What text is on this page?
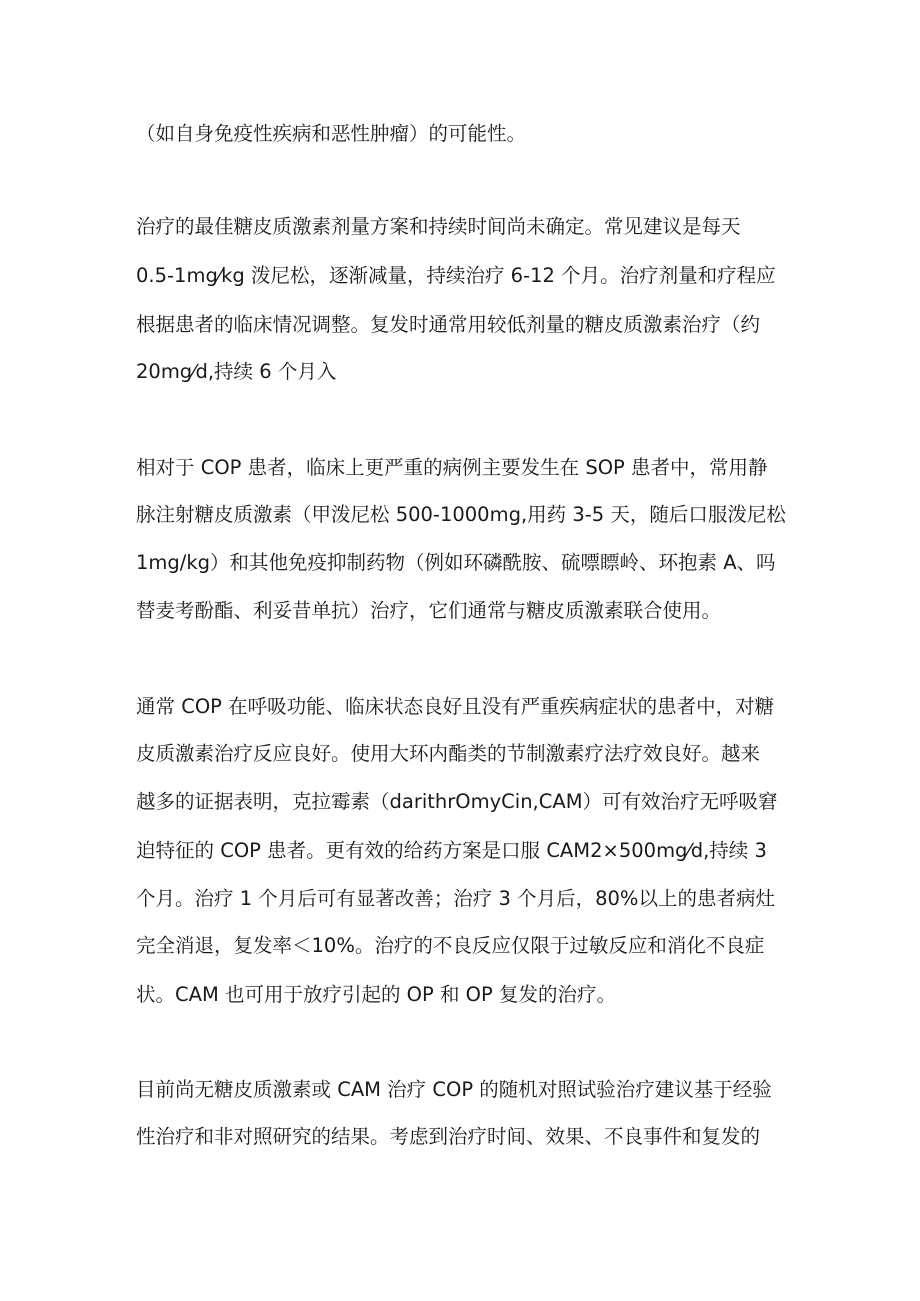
（如自身免疫性疾病和恶性肿瘤）的可能性。
治疗的最佳糖皮质激素剂量方案和持续时间尚未确定。常见建议是每天
0.5-1mg⁄kg 泼尼松，逐渐减量，持续治疗 6-12 个月。治疗剂量和疗程应
根据患者的临床情况调整。复发时通常用较低剂量的糖皮质激素治疗（约
20mg⁄d,持续 6 个月入
相对于 COP 患者，临床上更严重的病例主要发生在 SOP 患者中，常用静
脉注射糖皮质激素（甲泼尼松 500-1000mg,用药 3-5 天，随后口服泼尼松
1mg/kg）和其他免疫抑制药物（例如环磷酰胺、硫嘌瞟岭、环抱素 A、吗
替麦考酚酯、利妥昔单抗）治疗，它们通常与糖皮质激素联合使用。
通常 COP 在呼吸功能、临床状态良好且没有严重疾病症状的患者中，对糖
皮质激素治疗反应良好。使用大环内酯类的节制激素疗法疗效良好。越来
越多的证据表明，克拉霉素（darithrOmyCin,CAM）可有效治疗无呼吸窘
迫特征的 COP 患者。更有效的给药方案是口服 CAM2×500mg⁄d,持续 3
个月。治疗 1 个月后可有显著改善；治疗 3 个月后，80%以上的患者病灶
完全消退，复发率＜10%。治疗的不良反应仅限于过敏反应和消化不良症
状。CAM 也可用于放疗引起的 OP 和 OP 复发的治疗。
目前尚无糖皮质激素或 CAM 治疗 COP 的随机对照试验治疗建议基于经验
性治疗和非对照研究的结果。考虑到治疗时间、效果、不良事件和复发的
